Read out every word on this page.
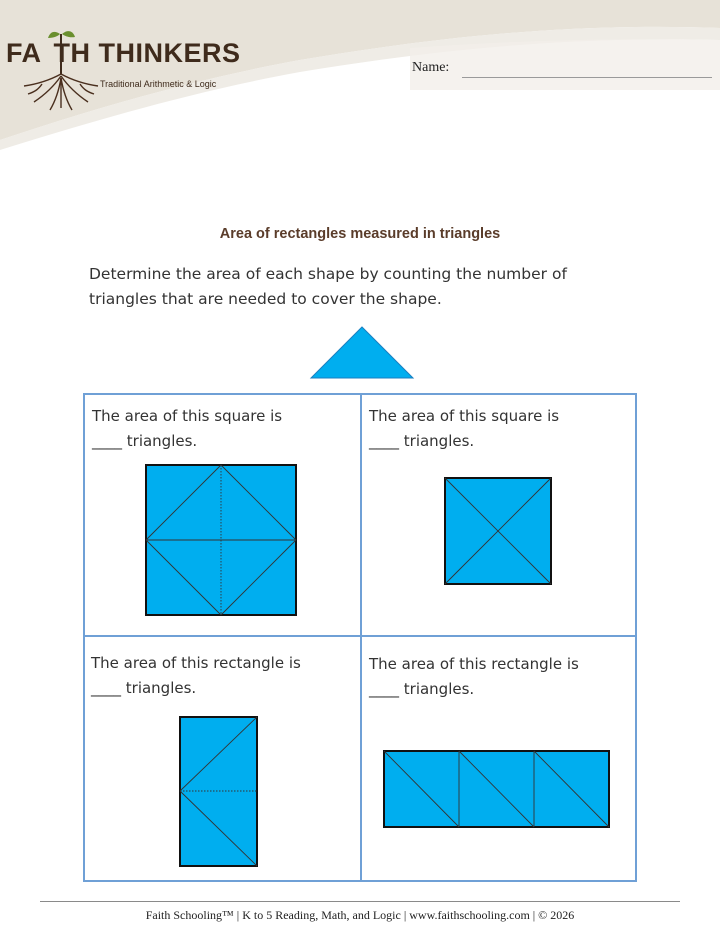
FA TH THINKERS
Traditional Arithmetic & Logic
Name:
Area of rectangles measured in triangles
Determine the area of each shape by counting the number of
triangles that are needed to cover the shape.
The area of this square is
____ triangles.
The area of this square is
____ triangles.
The area of this rectangle is
____ triangles.
The area of this rectangle is
____ triangles.
Faith Schooling™ | K to 5 Reading, Math, and Logic | www.faithschooling.com | © 2026
